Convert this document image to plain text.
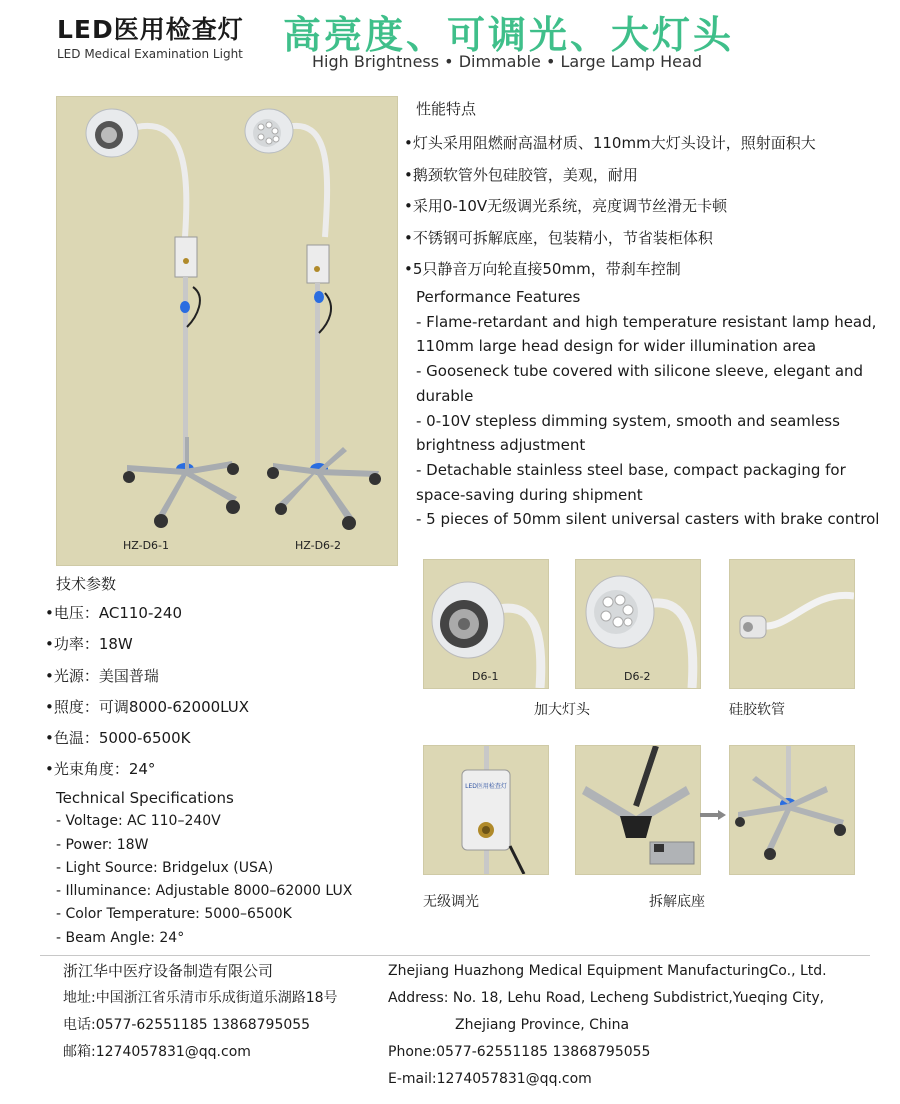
LED医用检查灯
LED Medical Examination Light 高亮度、可调光、大灯头
High Brightness • Dimmable • Large Lamp Head
HZ-D6-1	HZ-D6-2
性能特点
•灯头采用阻燃耐高温材质、110mm大灯头设计，照射面积大
•鹅颈软管外包硅胶管，美观，耐用
•采用0-10V无级调光系统，亮度调节丝滑无卡顿
•不锈钢可拆解底座，包装精小，节省装柜体积
•5只静音万向轮直接50mm，带刹车控制
Performance Features
- Flame-retardant and high temperature resistant lamp head, 110mm large head design for wider illumination area
- Gooseneck tube covered with silicone sleeve, elegant and durable
- 0-10V stepless dimming system, smooth and seamless brightness adjustment
- Detachable stainless steel base, compact packaging for space-saving during shipment
- 5 pieces of 50mm silent universal casters with brake control
技术参数
•电压：AC110-240
•功率：18W
•光源：美国普瑞
•照度：可调8000-62000LUX
•色温：5000-6500K
•光束角度：24°
Technical Specifications
- Voltage: AC 110–240V
- Power: 18W
- Light Source: Bridgelux (USA)
- Illuminance: Adjustable 8000–62000 LUX
- Color Temperature: 5000–6500K
- Beam Angle: 24°
D6-1	D6-2
加大灯头	硅胶软管
LED医用检查灯
无级调光	拆解底座
浙江华中医疗设备制造有限公司
地址:中国浙江省乐清市乐成街道乐湖路18号
电话:0577-62551185 13868795055
邮箱:1274057831@qq.com
Zhejiang Huazhong Medical Equipment ManufacturingCo., Ltd.
Address: No. 18, Lehu Road, Lecheng Subdistrict,Yueqing City,
Zhejiang Province, China
Phone:0577-62551185 13868795055
E-mail:1274057831@qq.com
